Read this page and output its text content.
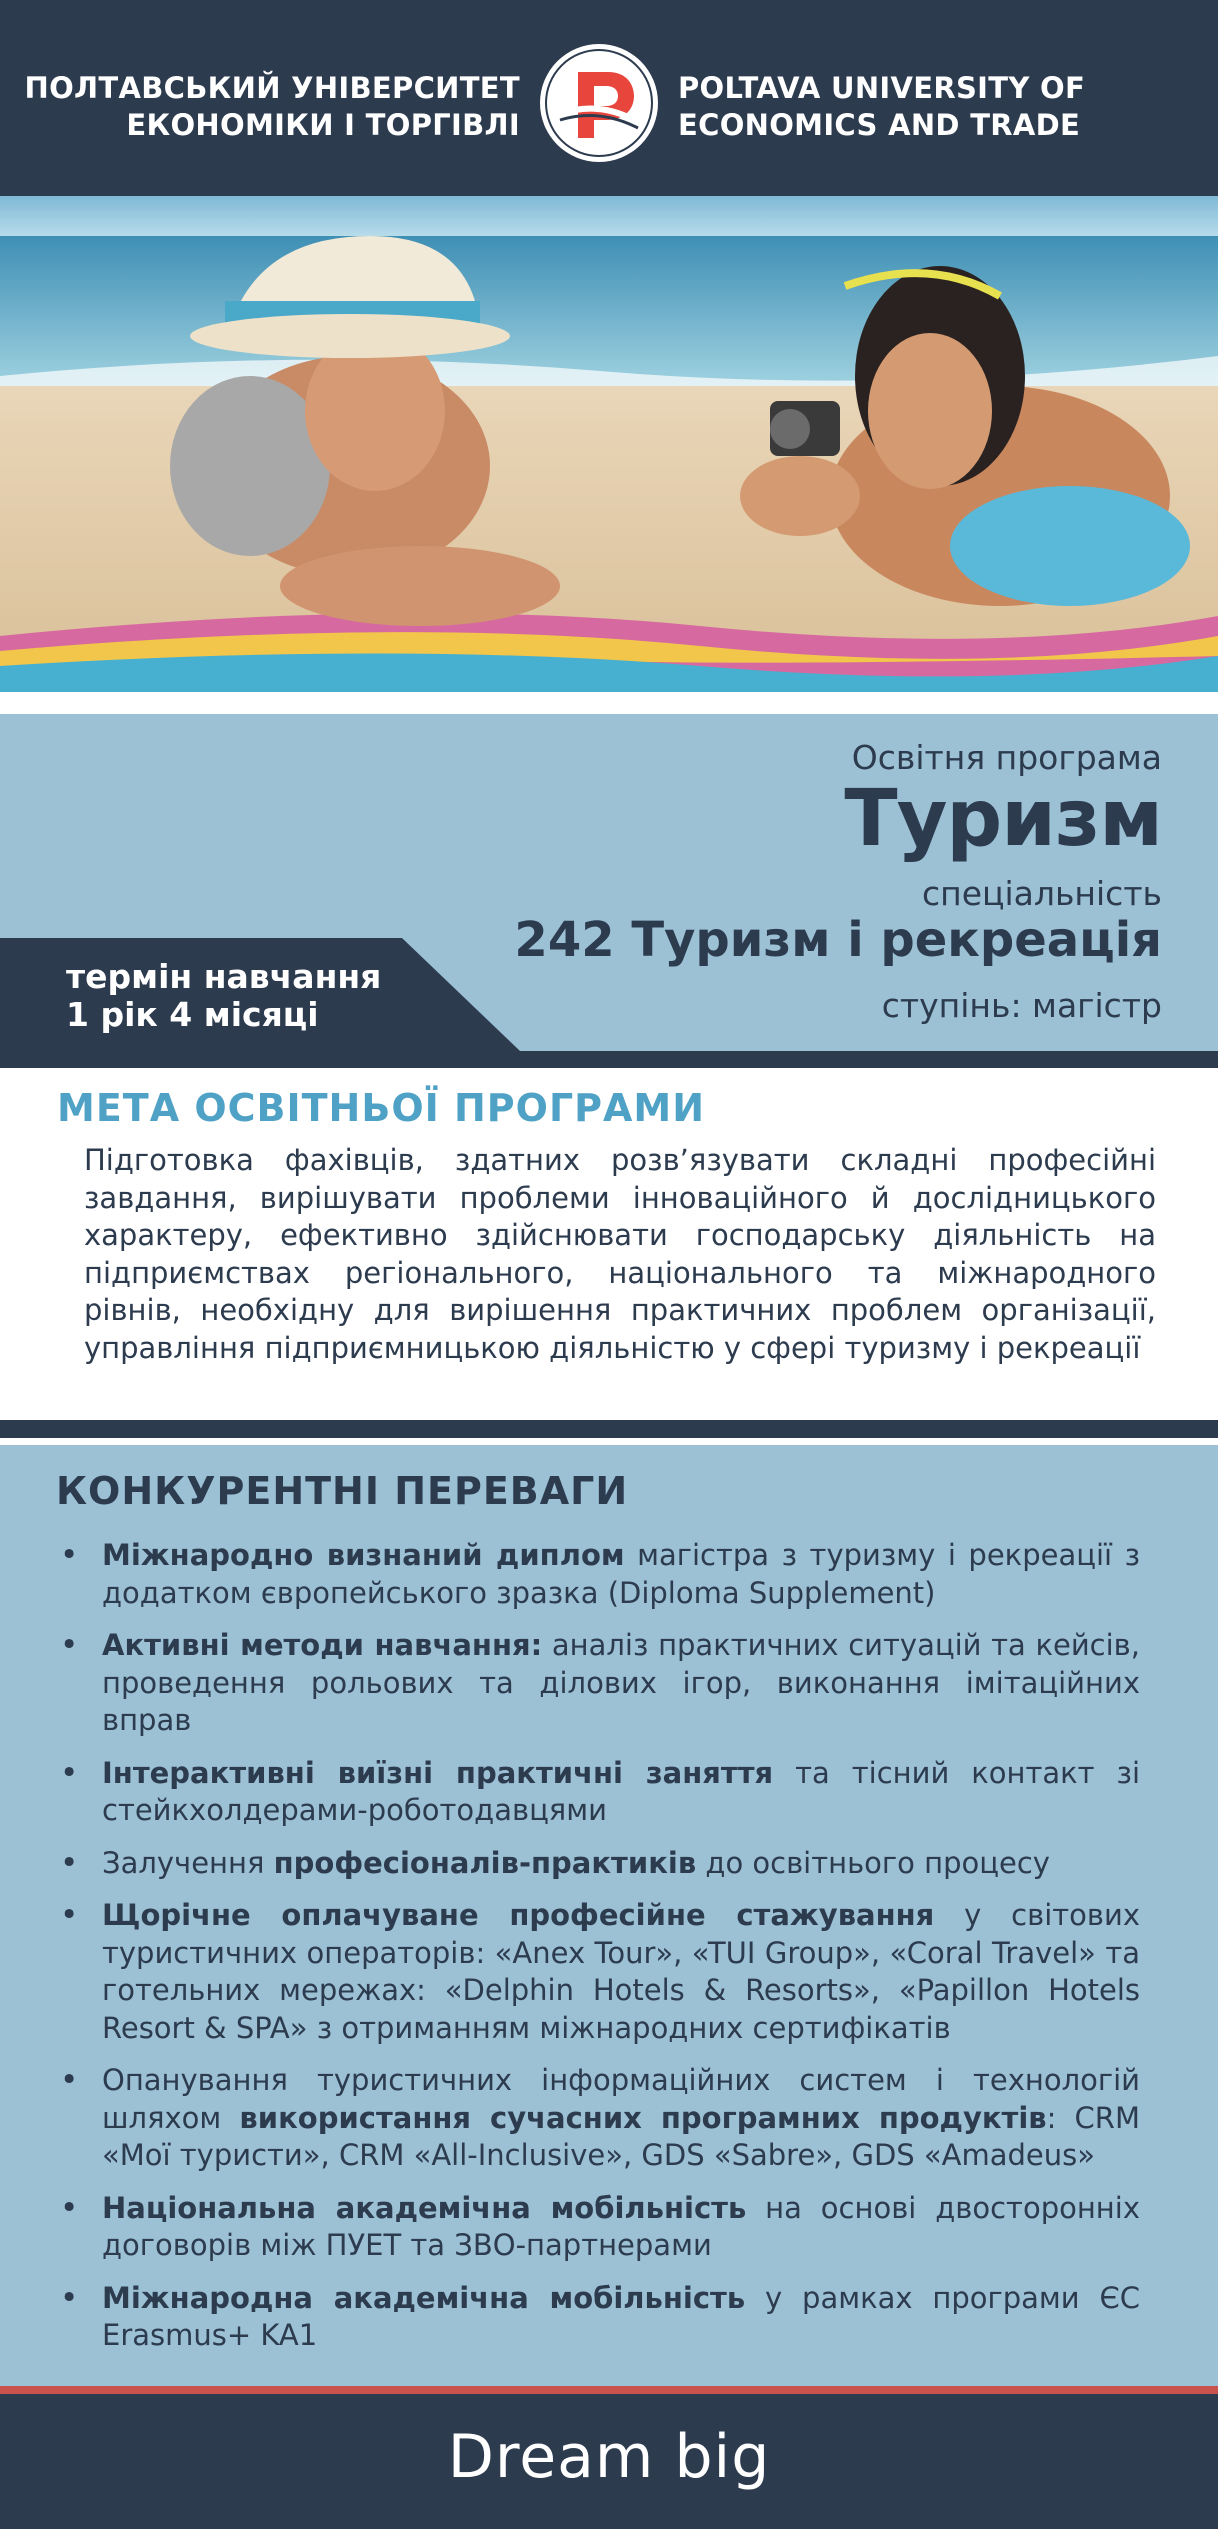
ПОЛТАВСЬКИЙ УНІВЕРСИТЕТ
ЕКОНОМІКИ І ТОРГІВЛІ
POLTAVA UNIVERSITY OF
ECONOMICS AND TRADE
Освітня програма
Туризм
спеціальність
242 Туризм і рекреація
ступінь: магістр
термін навчання
1 рік 4 місяці
МЕТА ОСВІТНЬОЇ ПРОГРАМИ
Підготовка фахівців, здатних розв’язувати складні професійні завдання, вирішувати проблеми інноваційного й дослідницького характеру, ефективно здійснювати господарську діяльність на підприємствах регіонального, національного та міжнародного рівнів, необхідну для вирішення практичних проблем організації, управління підприємницькою діяльністю у сфері туризму і рекреації
КОНКУРЕНТНІ ПЕРЕВАГИ
• Міжнародно визнаний диплом магістра з туризму і рекреації з додатком європейського зразка (Diploma Supplement)
• Активні методи навчання: аналіз практичних ситуацій та кейсів, проведення рольових та ділових ігор, виконання імітаційних вправ
• Інтерактивні виїзні практичні заняття та тісний контакт зі стейкхолдерами-роботодавцями
• Залучення професіоналів-практиків до освітнього процесу
• Щорічне оплачуване професійне стажування у світових туристичних операторів: «Anex Tour», «TUI Group», «Coral Travel» та готельних мережах: «Delphin Hotels & Resorts», «Papillon Hotels Resort & SPA» з отриманням міжнародних сертифікатів
• Опанування туристичних інформаційних систем і технологій шляхом використання сучасних програмних продуктів: CRM «Мої туристи», CRM «All-Inclusive», GDS «Sabre», GDS «Amadeus»
• Національна академічна мобільність на основі двосторонніх договорів між ПУЕТ та ЗВО-партнерами
• Міжнародна академічна мобільність у рамках програми ЄС Erasmus+ KA1
Dream big
